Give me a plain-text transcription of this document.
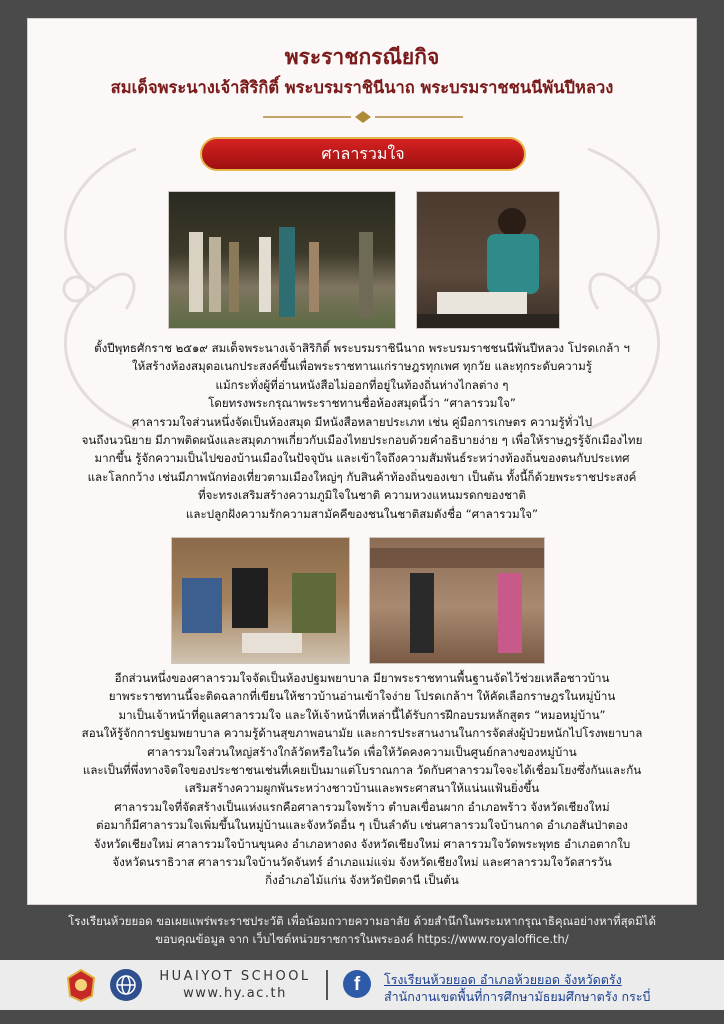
พระราชกรณียกิจ
สมเด็จพระนางเจ้าสิริกิติ์ พระบรมราชินีนาถ พระบรมราชชนนีพันปีหลวง
ศาลารวมใจ

ตั้งปีพุทธศักราช ๒๕๑๙ สมเด็จพระนางเจ้าสิริกิติ์ พระบรมราชินีนาถ พระบรมราชชนนีพันปีหลวง โปรดเกล้า ฯ

ให้สร้างห้องสมุดอเนกประสงค์ขึ้นเพื่อพระราชทานแก่ราษฎรทุกเพศ ทุกวัย และทุกระดับความรู้

แม้กระทั่งผู้ที่อ่านหนังสือไม่ออกที่อยู่ในท้องถิ่นห่างไกลต่าง ๆ

โดยทรงพระกรุณาพระราชทานชื่อห้องสมุดนี้ว่า “ศาลารวมใจ”

ศาลารวมใจส่วนหนึ่งจัดเป็นห้องสมุด มีหนังสือหลายประเภท เช่น คู่มือการเกษตร ความรู้ทั่วไป

จนถึงนวนิยาย มีภาพติดผนังและสมุดภาพเกี่ยวกับเมืองไทยประกอบด้วยคำอธิบายง่าย ๆ เพื่อให้ราษฎรรู้จักเมืองไทย

มากขึ้น รู้จักความเป็นไปของบ้านเมืองในปัจจุบัน และเข้าใจถึงความสัมพันธ์ระหว่างท้องถิ่นของตนกับประเทศ

และโลกกว้าง เช่นมีภาพนักท่องเที่ยวตามเมืองใหญ่ๆ กับสินค้าท้องถิ่นของเขา เป็นต้น ทั้งนี้ก็ด้วยพระราชประสงค์

ที่จะทรงเสริมสร้างความภูมิใจในชาติ ความหวงแหนมรดกของชาติ

และปลูกฝังความรักความสามัคคีของชนในชาติสมดังชื่อ “ศาลารวมใจ”

อีกส่วนหนึ่งของศาลารวมใจจัดเป็นห้องปฐมพยาบาล มียาพระราชทานพื้นฐานจัดไว้ช่วยเหลือชาวบ้าน

ยาพระราชทานนี้จะติดฉลากที่เขียนให้ชาวบ้านอ่านเข้าใจง่าย โปรดเกล้าฯ ให้คัดเลือกราษฎรในหมู่บ้าน

มาเป็นเจ้าหน้าที่ดูแลศาลารวมใจ และให้เจ้าหน้าที่เหล่านี้ได้รับการฝึกอบรมหลักสูตร “หมอหมู่บ้าน”

สอนให้รู้จักการปฐมพยาบาล ความรู้ด้านสุขภาพอนามัย และการประสานงานในการจัดส่งผู้ป่วยหนักไปโรงพยาบาล

ศาลารวมใจส่วนใหญ่สร้างใกล้วัดหรือในวัด เพื่อให้วัดคงความเป็นศูนย์กลางของหมู่บ้าน

และเป็นที่พึ่งทางจิตใจของประชาชนเช่นที่เคยเป็นมาแต่โบราณกาล วัดกับศาลารวมใจจะได้เชื่อมโยงซึ่งกันและกัน

เสริมสร้างความผูกพันระหว่างชาวบ้านและพระศาสนาให้แน่นแฟ้นยิ่งขึ้น

ศาลารวมใจที่จัดสร้างเป็นแห่งแรกคือศาลารวมใจพร้าว ตำบลเขื่อนผาก อำเภอพร้าว จังหวัดเชียงใหม่

ต่อมาก็มีศาลารวมใจเพิ่มขึ้นในหมู่บ้านและจังหวัดอื่น ๆ เป็นลำดับ เช่นศาลารวมใจบ้านกาด อำเภอสันป่าตอง

จังหวัดเชียงใหม่ ศาลารวมใจบ้านขุนคง อำเภอหางดง จังหวัดเชียงใหม่ ศาลารวมใจวัดพระพุทธ อำเภอตากใบ

จังหวัดนราธิวาส ศาลารวมใจบ้านวัดจันทร์ อำเภอแม่แจ่ม จังหวัดเชียงใหม่ และศาลารวมใจวัดสารวัน

กิ่งอำเภอไม้แก่น จังหวัดปัตตานี เป็นต้น

โรงเรียนห้วยยอด ขอเผยแพร่พระราชประวัติ เพื่อน้อมถวายความอาลัย ด้วยสำนึกในพระมหากรุณาธิคุณอย่างหาที่สุดมิได้
ขอบคุณข้อมูล จาก เว็บไซต์หน่วยราชการในพระองค์ https://www.royaloffice.th/
HUAIYOT SCHOOL
www.hy.ac.th	f	โรงเรียนห้วยยอด อำเภอห้วยยอด จังหวัดตรัง
สำนักงานเขตพื้นที่การศึกษามัธยมศึกษาตรัง กระบี่
